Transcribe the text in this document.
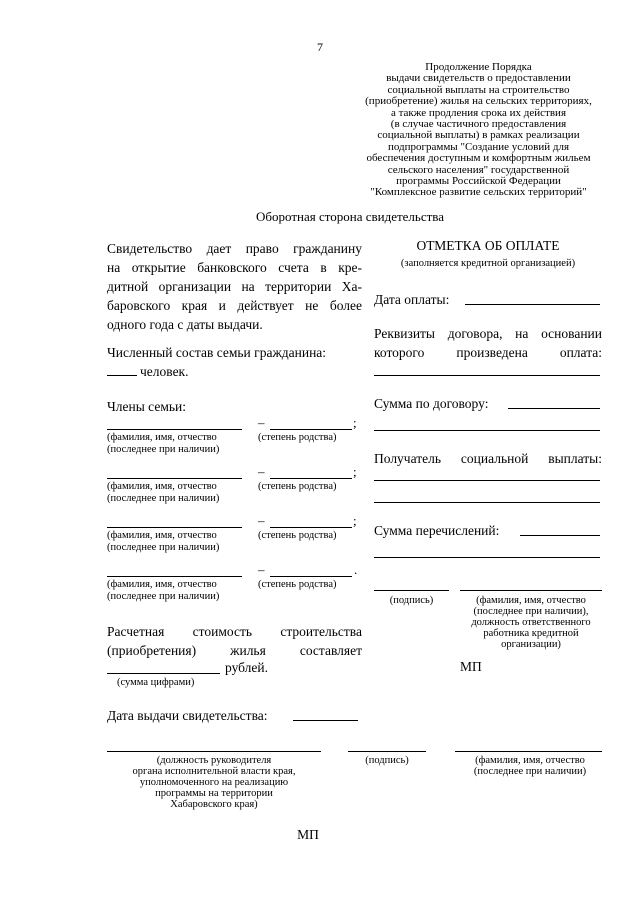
7
Продолжение Порядка
выдачи свидетельств о предоставлении
социальной выплаты на строительство
(приобретение) жилья на сельских территориях,
а также продления срока их действия
(в случае частичного предоставления
социальной выплаты) в рамках реализации
подпрограммы "Создание условий для
обеспечения доступным и комфортным жильем
сельского населения" государственной
программы Российской Федерации
"Комплексное развитие сельских территорий"
Оборотная сторона свидетельства
Свидетельство дает право гражданину
на открытие банковского счета в кре-
дитной организации на территории Ха-
баровского края и действует не более
одного года с даты выдачи.
Численный состав семьи гражданина:
человек.
Члены семьи:
–	;
(фамилия, имя, отчество	(степень родства)
(последнее при наличии)
–	;
(фамилия, имя, отчество	(степень родства)
(последнее при наличии)
–	;
(фамилия, имя, отчество	(степень родства)
(последнее при наличии)
–	.
(фамилия, имя, отчество	(степень родства)
(последнее при наличии)
Расчетная стоимость строительства
(приобретения) жилья составляет
рублей.
(сумма цифрами)
Дата выдачи свидетельства:
ОТМЕТКА ОБ ОПЛАТЕ
(заполняется кредитной организацией)
Дата оплаты:
Реквизиты договора, на основании
которого произведена оплата:
Сумма по договору:
Получатель социальной выплаты:
Сумма перечислений:
(подпись)	(фамилия, имя, отчество
(последнее при наличии),
должность ответственного
работника кредитной
организации)
МП
(должность руководителя
органа исполнительной власти края,
уполномоченного на реализацию
программы на территории
Хабаровского края)
(подпись)	(фамилия, имя, отчество
(последнее при наличии)
МП
